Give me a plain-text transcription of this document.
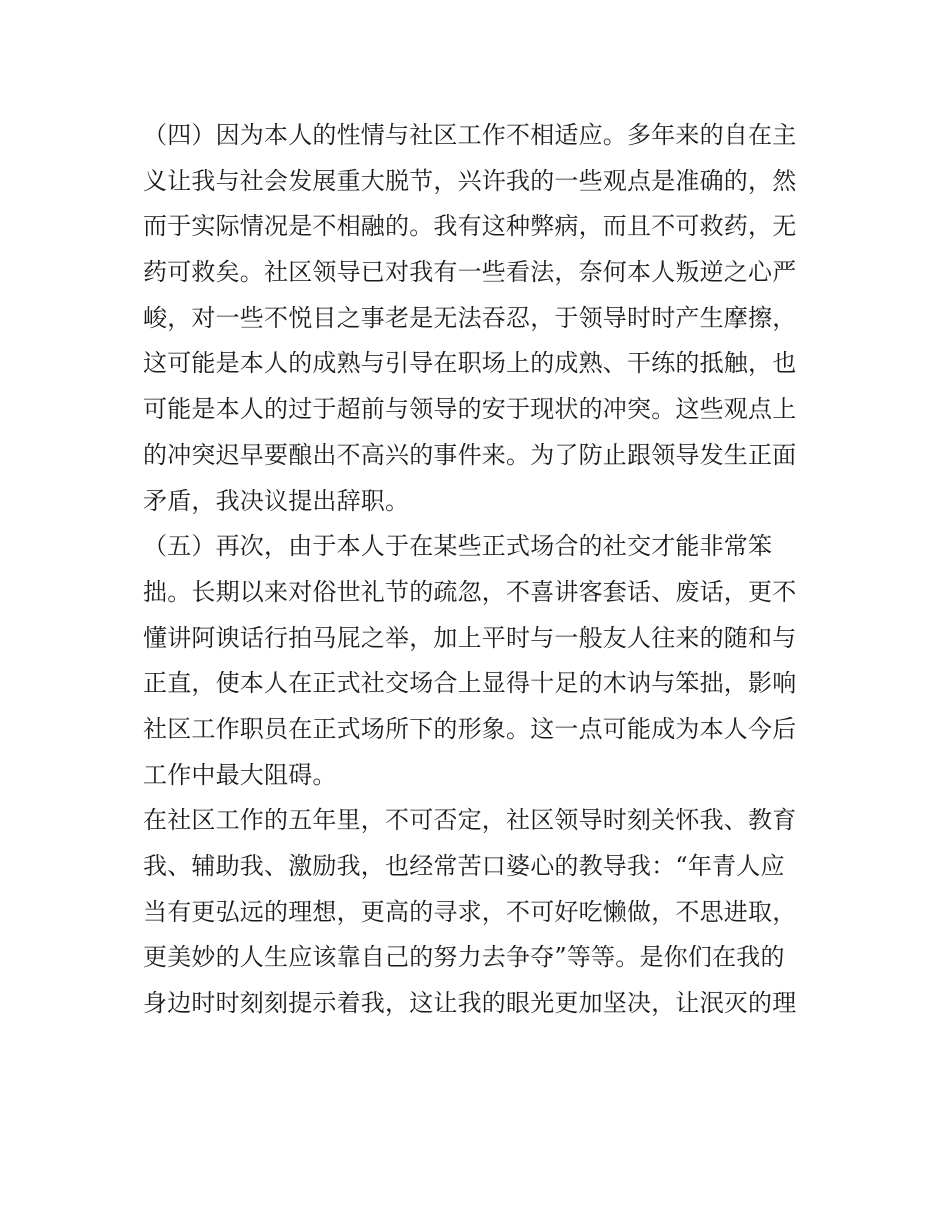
（四）因为本人的性情与社区工作不相适应。多年来的自在主
义让我与社会发展重大脱节，兴许我的一些观点是准确的，然
而于实际情况是不相融的。我有这种弊病，而且不可救药，无
药可救矣。社区领导已对我有一些看法，奈何本人叛逆之心严
峻，对一些不悦目之事老是无法吞忍，于领导时时产生摩擦，
这可能是本人的成熟与引导在职场上的成熟、干练的抵触，也
可能是本人的过于超前与领导的安于现状的冲突。这些观点上
的冲突迟早要酿出不高兴的事件来。为了防止跟领导发生正面
矛盾，我决议提出辞职。
（五）再次，由于本人于在某些正式场合的社交才能非常笨
拙。长期以来对俗世礼节的疏忽，不喜讲客套话、废话，更不
懂讲阿谀话行拍马屁之举，加上平时与一般友人往来的随和与
正直，使本人在正式社交场合上显得十足的木讷与笨拙，影响
社区工作职员在正式场所下的形象。这一点可能成为本人今后
工作中最大阻碍。
在社区工作的五年里，不可否定，社区领导时刻关怀我、教育
我、辅助我、激励我，也经常苦口婆心的教导我：“年青人应
当有更弘远的理想，更高的寻求，不可好吃懒做，不思进取，
更美妙的人生应该靠自己的努力去争夺”等等。是你们在我的
身边时时刻刻提示着我，这让我的眼光更加坚决，让泯灭的理
